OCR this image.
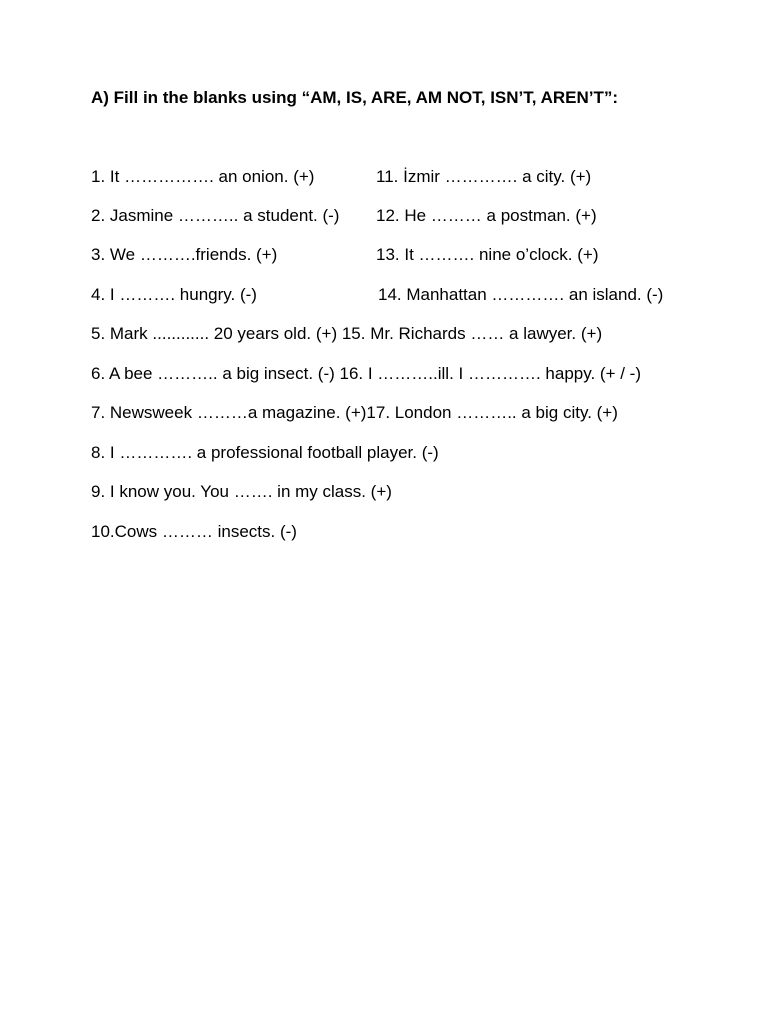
A) Fill in the blanks using “AM, IS, ARE, AM NOT, ISN’T, AREN’T”:
1. It ……………. an onion. (+)	11. İzmir …………. a city. (+)
2. Jasmine ……….. a student. (-) 12. He ……… a postman. (+)
3. We ……….friends. (+)	13. It ………. nine o’clock. (+)
4. I ………. hungry. (-)	14. Manhattan …………. an island. (-)
5. Mark ............ 20 years old. (+) 15. Mr. Richards …… a lawyer. (+)
6. A bee ……….. a big insect. (-) 16. I ………..ill. I …………. happy. (+ / -)
7. Newsweek ………a magazine. (+)17. London ……….. a big city. (+)
8. I …………. a professional football player. (-)
9. I know you. You ……. in my class. (+)
10.Cows ……… insects. (-)
